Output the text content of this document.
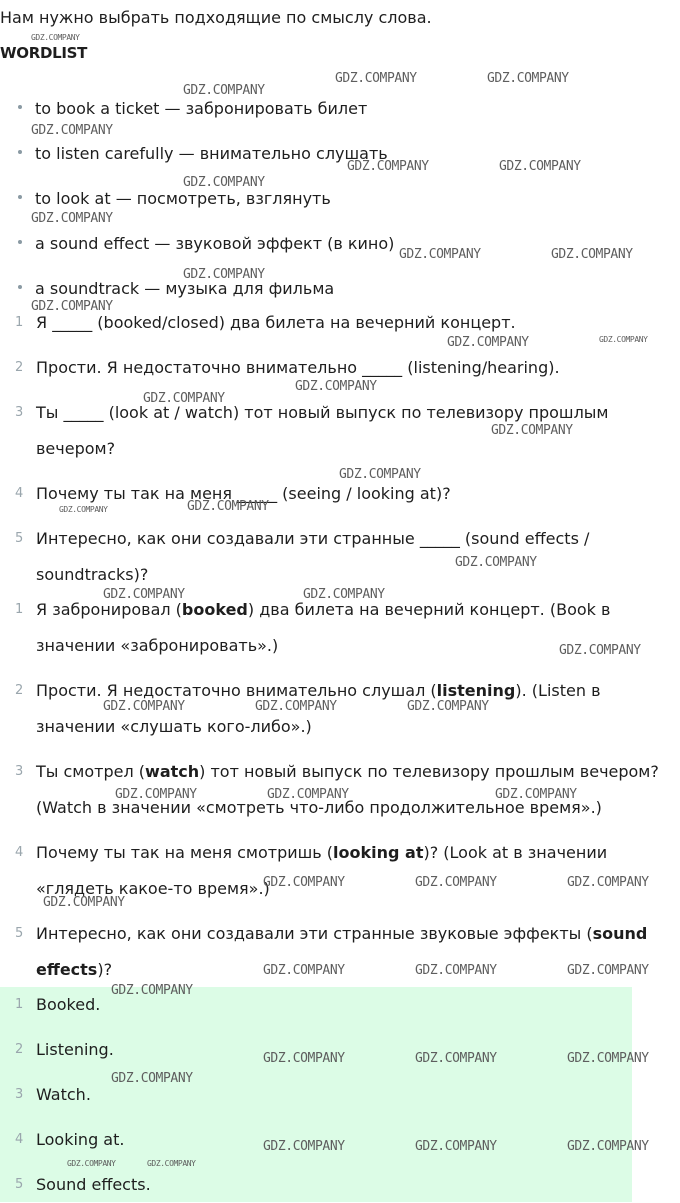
Нам нужно выбрать подходящие по смыслу слова.
WORDLIST
to book a ticket — забронировать билет
to listen carefully — внимательно слушать
to look at — посмотреть, взглянуть
a sound effect — звуковой эффект (в кино)
a soundtrack — музыка для фильма
1 Я _____ (booked/closed) два билета на вечерний концерт.
2 Прости. Я недостаточно внимательно _____ (listening/hearing).
3 Ты _____ (look at / watch) тот новый выпуск по телевизору прошлым вечером?
4 Почему ты так на меня _____ (seeing / looking at)?
5 Интересно, как они создавали эти странные _____ (sound effects / soundtracks)?
1 Я забронировал (booked) два билета на вечерний концерт. (Book в значении «забронировать».)
2 Прости. Я недостаточно внимательно слушал (listening). (Listen в значении «слушать кого-либо».)
3 Ты смотрел (watch) тот новый выпуск по телевизору прошлым вечером? (Watch в значении «смотреть что-либо продолжительное время».)
4 Почему ты так на меня смотришь (looking at)? (Look at в значении «глядеть какое-то время».)
5 Интересно, как они создавали эти странные звуковые эффекты (sound effects)?
1 Booked.
2 Listening.
3 Watch.
4 Looking at.
5 Sound effects.
GDZ.COMPANY
GDZ.COMPANY
GDZ.COMPANY	GDZ.COMPANY
GDZ.COMPANY
GDZ.COMPANY	GDZ.COMPANY
GDZ.COMPANY
GDZ.COMPANY
GDZ.COMPANY	GDZ.COMPANY
GDZ.COMPANY
GDZ.COMPANY
GDZ.COMPANY	GDZ.COMPANY
GDZ.COMPANY
GDZ.COMPANY
GDZ.COMPANY
GDZ.COMPANY
GDZ.COMPANY
GDZ.COMPANY
GDZ.COMPANY
GDZ.COMPANY	GDZ.COMPANY
GDZ.COMPANY
GDZ.COMPANY	GDZ.COMPANY	GDZ.COMPANY
GDZ.COMPANY	GDZ.COMPANY	GDZ.COMPANY
GDZ.COMPANY	GDZ.COMPANY	GDZ.COMPANY
GDZ.COMPANY
GDZ.COMPANY	GDZ.COMPANY	GDZ.COMPANY
GDZ.COMPANY
GDZ.COMPANY	GDZ.COMPANY	GDZ.COMPANY
GDZ.COMPANY
GDZ.COMPANY	GDZ.COMPANY	GDZ.COMPANY
GDZ.COMPANY	GDZ.COMPANY
